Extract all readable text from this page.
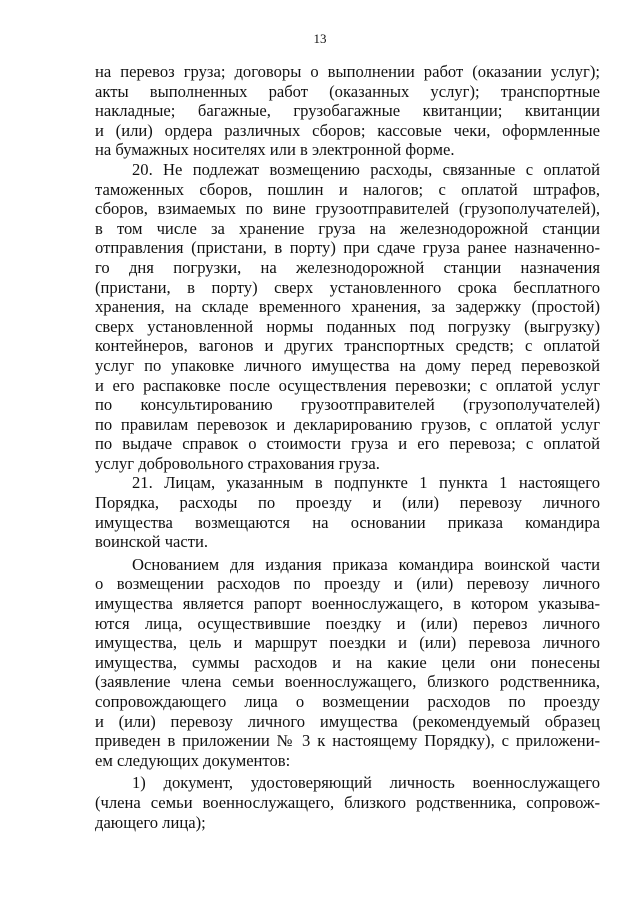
13
на перевоз груза; договоры о выполнении работ (оказании услуг);
акты выполненных работ (оказанных услуг); транспортные
накладные; багажные, грузобагажные квитанции; квитанции
и (или) ордера различных сборов; кассовые чеки, оформленные
на бумажных носителях или в электронной форме.
20. Не подлежат возмещению расходы, связанные с оплатой
таможенных сборов, пошлин и налогов; с оплатой штрафов,
сборов, взимаемых по вине грузоотправителей (грузополучателей),
в том числе за хранение груза на железнодорожной станции
отправления (пристани, в порту) при сдаче груза ранее назначенно-
го дня погрузки, на железнодорожной станции назначения
(пристани, в порту) сверх установленного срока бесплатного
хранения, на складе временного хранения, за задержку (простой)
сверх установленной нормы поданных под погрузку (выгрузку)
контейнеров, вагонов и других транспортных средств; с оплатой
услуг по упаковке личного имущества на дому перед перевозкой
и его распаковке после осуществления перевозки; с оплатой услуг
по консультированию грузоотправителей (грузополучателей)
по правилам перевозок и декларированию грузов, с оплатой услуг
по выдаче справок о стоимости груза и его перевоза; с оплатой
услуг добровольного страхования груза.
21. Лицам, указанным в подпункте 1 пункта 1 настоящего
Порядка, расходы по проезду и (или) перевозу личного
имущества возмещаются на основании приказа командира
воинской части.
Основанием для издания приказа командира воинской части
о возмещении расходов по проезду и (или) перевозу личного
имущества является рапорт военнослужащего, в котором указыва-
ются лица, осуществившие поездку и (или) перевоз личного
имущества, цель и маршрут поездки и (или) перевоза личного
имущества, суммы расходов и на какие цели они понесены
(заявление члена семьи военнослужащего, близкого родственника,
сопровождающего лица о возмещении расходов по проезду
и (или) перевозу личного имущества (рекомендуемый образец
приведен в приложении № 3 к настоящему Порядку), с приложени-
ем следующих документов:
1) документ, удостоверяющий личность военнослужащего
(члена семьи военнослужащего, близкого родственника, сопровож-
дающего лица);
